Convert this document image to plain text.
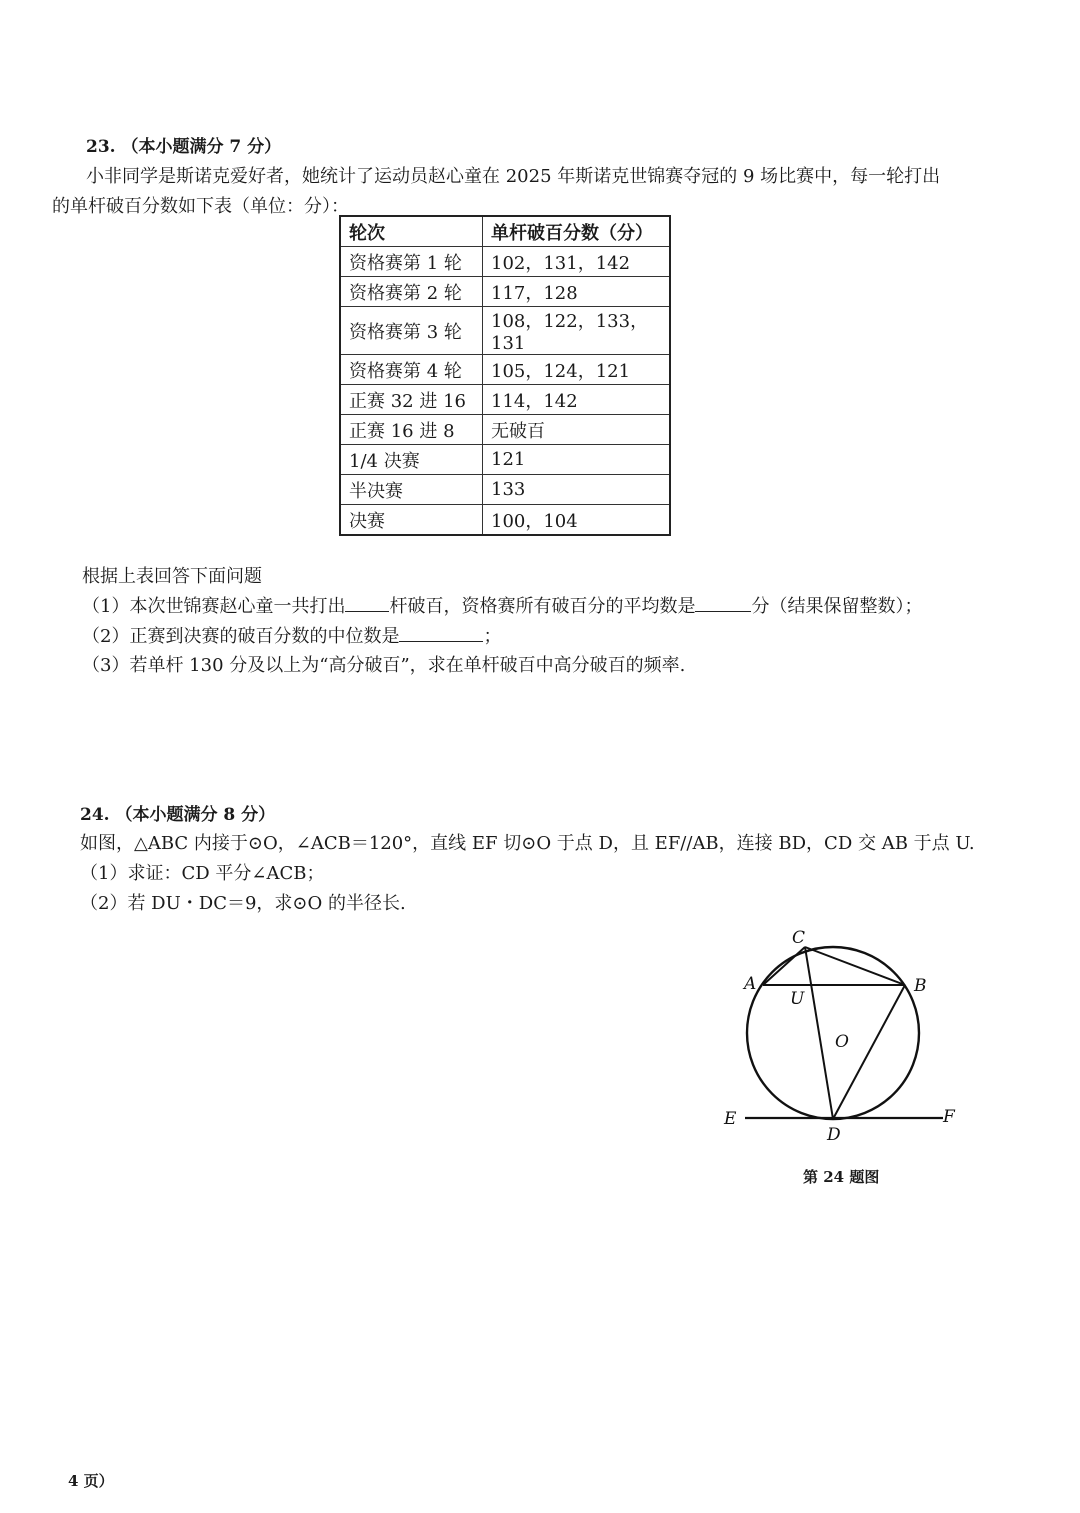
23. （本小题满分 7 分）
小非同学是斯诺克爱好者，她统计了运动员赵心童在 2025 年斯诺克世锦赛夺冠的 9 场比赛中，每一轮打出
的单杆破百分数如下表（单位：分）：
轮次	单杆破百分数（分）
资格赛第 1 轮	102，131，142
资格赛第 2 轮	117，128
资格赛第 3 轮	108，122，133，131
资格赛第 4 轮	105，124，121
正赛 32 进 16	114，142
正赛 16 进 8	无破百
1/4 决赛	121
半决赛	133
决赛	100，104
根据上表回答下面问题
（1）本次世锦赛赵心童一共打出 杆破百，资格赛所有破百分的平均数是	分（结果保留整数）；
（2）正赛到决赛的破百分数的中位数是	；
（3）若单杆 130 分及以上为“高分破百”，求在单杆破百中高分破百的频率.
24. （本小题满分 8 分）
如图，△ABC 内接于⊙O，∠ACB＝120°，直线 EF 切⊙O 于点 D，且 EF//AB，连接 BD，CD 交 AB 于点 U.
（1）求证：CD 平分∠ACB；
（2）若 DU・DC＝9，求⊙O 的半径长.
C
A	B
U
O
E	F
D
第 24 题图
4 页）
